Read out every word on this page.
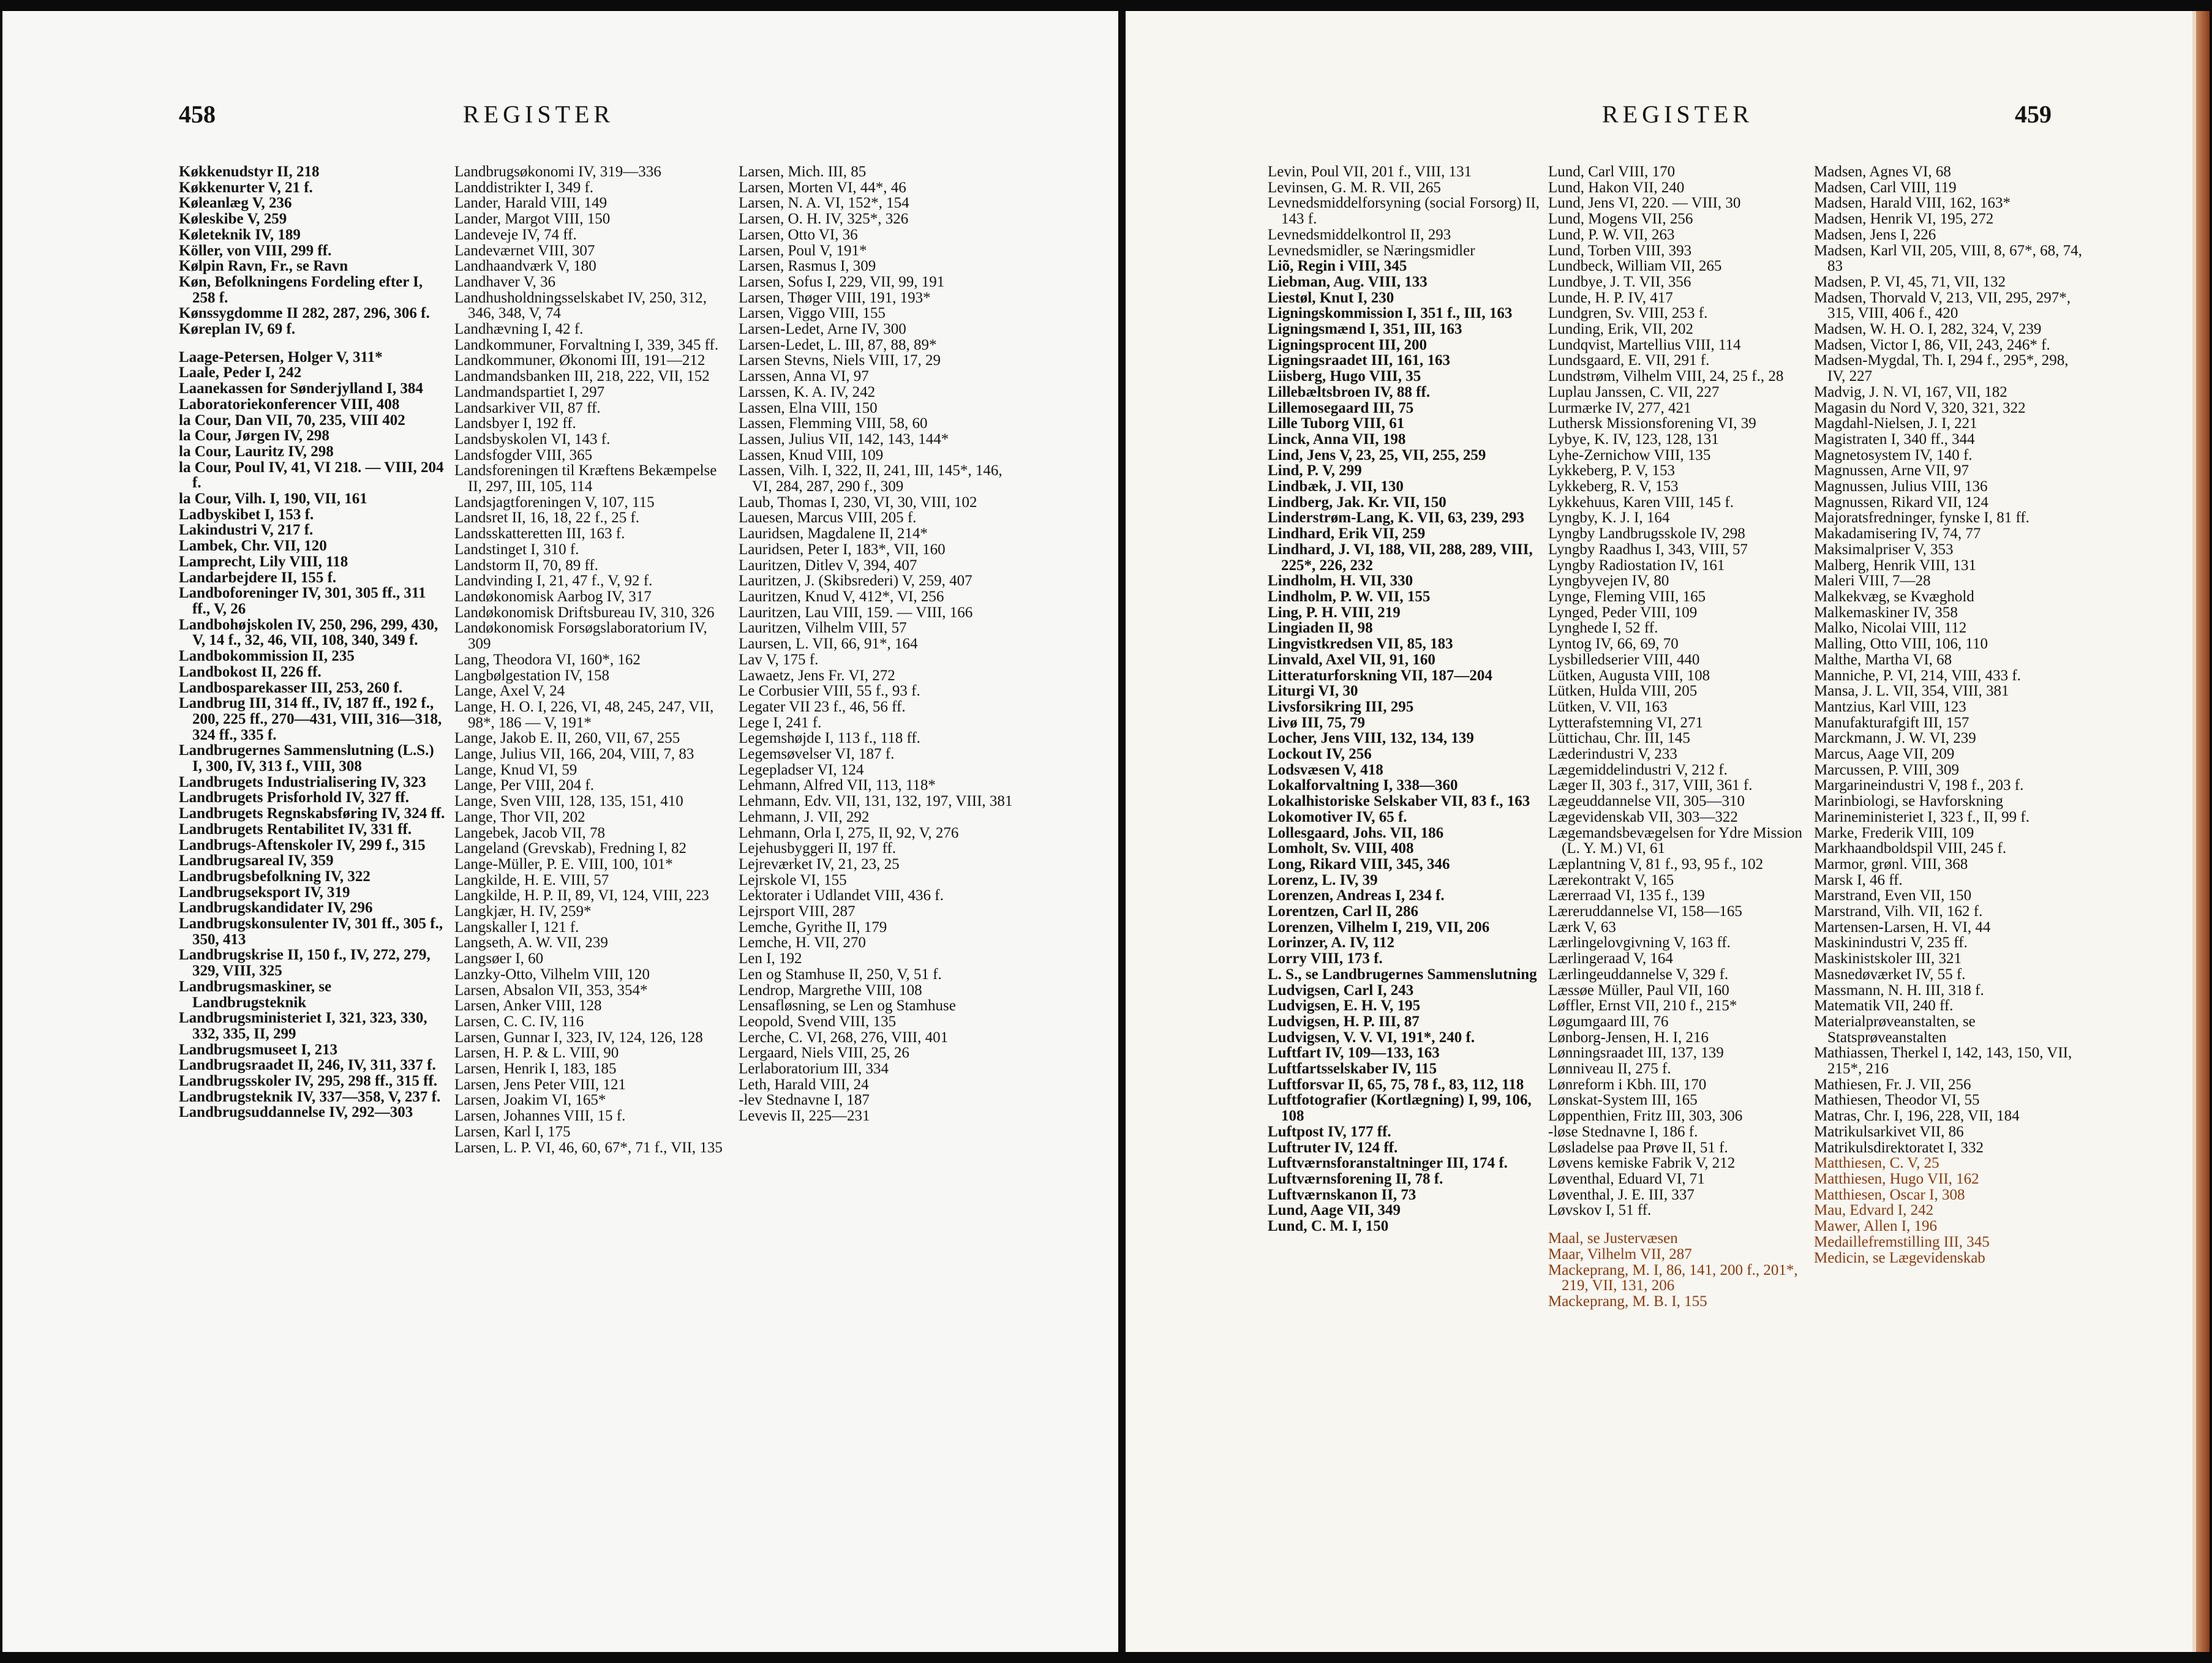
458	REGISTER
Køkkenudstyr II, 218
Køkkenurter V, 21 f.
Køleanlæg V, 236
Køleskibe V, 259
Køleteknik IV, 189
Köller, von VIII, 299 ff.
Kølpin Ravn, Fr., se Ravn
Køn, Befolkningens Fordeling efter I, 258 f.
Kønssygdomme II 282, 287, 296, 306 f.
Køreplan IV, 69 f.
Laage-Petersen, Holger V, 311*
Laale, Peder I, 242
Laanekassen for Sønderjylland I, 384
Laboratoriekonferencer VIII, 408
la Cour, Dan VII, 70, 235, VIII 402
la Cour, Jørgen IV, 298
la Cour, Lauritz IV, 298
la Cour, Poul IV, 41, VI 218. — VIII, 204 f.
la Cour, Vilh. I, 190, VII, 161
Ladbyskibet I, 153 f.
Lakindustri V, 217 f.
Lambek, Chr. VII, 120
Lamprecht, Lily VIII, 118
Landarbejdere II, 155 f.
Landboforeninger IV, 301, 305 ff., 311 ff., V, 26
Landbohøjskolen IV, 250, 296, 299, 430, V, 14 f., 32, 46, VII, 108, 340, 349 f.
Landbokommission II, 235
Landbokost II, 226 ff.
Landbosparekasser III, 253, 260 f.
Landbrug III, 314 ff., IV, 187 ff., 192 f., 200, 225 ff., 270—431, VIII, 316—318, 324 ff., 335 f.
Landbrugernes Sammenslutning (L.S.) I, 300, IV, 313 f., VIII, 308
Landbrugets Industrialisering IV, 323
Landbrugets Prisforhold IV, 327 ff.
Landbrugets Regnskabsføring IV, 324 ff.
Landbrugets Rentabilitet IV, 331 ff.
Landbrugs-Aftenskoler IV, 299 f., 315
Landbrugsareal IV, 359
Landbrugsbefolkning IV, 322
Landbrugseksport IV, 319
Landbrugskandidater IV, 296
Landbrugskonsulenter IV, 301 ff., 305 f., 350, 413
Landbrugskrise II, 150 f., IV, 272, 279, 329, VIII, 325
Landbrugsmaskiner, se Landbrugsteknik
Landbrugsministeriet I, 321, 323, 330, 332, 335, II, 299
Landbrugsmuseet I, 213
Landbrugsraadet II, 246, IV, 311, 337 f.
Landbrugsskoler IV, 295, 298 ff., 315 ff.
Landbrugsteknik IV, 337—358, V, 237 f.
Landbrugsuddannelse IV, 292—303
Landbrugsøkonomi IV, 319—336
Landdistrikter I, 349 f.
Lander, Harald VIII, 149
Lander, Margot VIII, 150
Landeveje IV, 74 ff.
Landeværnet VIII, 307
Landhaandværk V, 180
Landhaver V, 36
Landhusholdningsselskabet IV, 250, 312, 346, 348, V, 74
Landhævning I, 42 f.
Landkommuner, Forvaltning I, 339, 345 ff.
Landkommuner, Økonomi III, 191—212
Landmandsbanken III, 218, 222, VII, 152
Landmandspartiet I, 297
Landsarkiver VII, 87 ff.
Landsbyer I, 192 ff.
Landsbyskolen VI, 143 f.
Landsfogder VIII, 365
Landsforeningen til Kræftens Bekæmpelse II, 297, III, 105, 114
Landsjagtforeningen V, 107, 115
Landsret II, 16, 18, 22 f., 25 f.
Landsskatteretten III, 163 f.
Landstinget I, 310 f.
Landstorm II, 70, 89 ff.
Landvinding I, 21, 47 f., V, 92 f.
Landøkonomisk Aarbog IV, 317
Landøkonomisk Driftsbureau IV, 310, 326
Landøkonomisk Forsøgslaboratorium IV, 309
Lang, Theodora VI, 160*, 162
Langbølgestation IV, 158
Lange, Axel V, 24
Lange, H. O. I, 226, VI, 48, 245, 247, VII, 98*, 186 — V, 191*
Lange, Jakob E. II, 260, VII, 67, 255
Lange, Julius VII, 166, 204, VIII, 7, 83
Lange, Knud VI, 59
Lange, Per VIII, 204 f.
Lange, Sven VIII, 128, 135, 151, 410
Lange, Thor VII, 202
Langebek, Jacob VII, 78
Langeland (Grevskab), Fredning I, 82
Lange-Müller, P. E. VIII, 100, 101*
Langkilde, H. E. VIII, 57
Langkilde, H. P. II, 89, VI, 124, VIII, 223
Langkjær, H. IV, 259*
Langskaller I, 121 f.
Langseth, A. W. VII, 239
Langsøer I, 60
Lanzky-Otto, Vilhelm VIII, 120
Larsen, Absalon VII, 353, 354*
Larsen, Anker VIII, 128
Larsen, C. C. IV, 116
Larsen, Gunnar I, 323, IV, 124, 126, 128
Larsen, H. P. & L. VIII, 90
Larsen, Henrik I, 183, 185
Larsen, Jens Peter VIII, 121
Larsen, Joakim VI, 165*
Larsen, Johannes VIII, 15 f.
Larsen, Karl I, 175
Larsen, L. P. VI, 46, 60, 67*, 71 f., VII, 135
Larsen, Mich. III, 85
Larsen, Morten VI, 44*, 46
Larsen, N. A. VI, 152*, 154
Larsen, O. H. IV, 325*, 326
Larsen, Otto VI, 36
Larsen, Poul V, 191*
Larsen, Rasmus I, 309
Larsen, Sofus I, 229, VII, 99, 191
Larsen, Thøger VIII, 191, 193*
Larsen, Viggo VIII, 155
Larsen-Ledet, Arne IV, 300
Larsen-Ledet, L. III, 87, 88, 89*
Larsen Stevns, Niels VIII, 17, 29
Larssen, Anna VI, 97
Larssen, K. A. IV, 242
Lassen, Elna VIII, 150
Lassen, Flemming VIII, 58, 60
Lassen, Julius VII, 142, 143, 144*
Lassen, Knud VIII, 109
Lassen, Vilh. I, 322, II, 241, III, 145*, 146, VI, 284, 287, 290 f., 309
Laub, Thomas I, 230, VI, 30, VIII, 102
Lauesen, Marcus VIII, 205 f.
Lauridsen, Magdalene II, 214*
Lauridsen, Peter I, 183*, VII, 160
Lauritzen, Ditlev V, 394, 407
Lauritzen, J. (Skibsrederi) V, 259, 407
Lauritzen, Knud V, 412*, VI, 256
Lauritzen, Lau VIII, 159. — VIII, 166
Lauritzen, Vilhelm VIII, 57
Laursen, L. VII, 66, 91*, 164
Lav V, 175 f.
Lawaetz, Jens Fr. VI, 272
Le Corbusier VIII, 55 f., 93 f.
Legater VII 23 f., 46, 56 ff.
Lege I, 241 f.
Legemshøjde I, 113 f., 118 ff.
Legemsøvelser VI, 187 f.
Legepladser VI, 124
Lehmann, Alfred VII, 113, 118*
Lehmann, Edv. VII, 131, 132, 197, VIII, 381
Lehmann, J. VII, 292
Lehmann, Orla I, 275, II, 92, V, 276
Lejehusbyggeri II, 197 ff.
Lejreværket IV, 21, 23, 25
Lejrskole VI, 155
Lektorater i Udlandet VIII, 436 f.
Lejrsport VIII, 287
Lemche, Gyrithe II, 179
Lemche, H. VII, 270
Len I, 192
Len og Stamhuse II, 250, V, 51 f.
Lendrop, Margrethe VIII, 108
Lensafløsning, se Len og Stamhuse
Leopold, Svend VIII, 135
Lerche, C. VI, 268, 276, VIII, 401
Lergaard, Niels VIII, 25, 26
Lerlaboratorium III, 334
Leth, Harald VIII, 24
-lev Stednavne I, 187
Levevis II, 225—231
REGISTER	459
Levin, Poul VII, 201 f., VIII, 131
Levinsen, G. M. R. VII, 265
Levnedsmiddelforsyning (social Forsorg) II, 143 f.
Levnedsmiddelkontrol II, 293
Levnedsmidler, se Næringsmidler
Liõ, Regin i VIII, 345
Liebman, Aug. VIII, 133
Liestøl, Knut I, 230
Ligningskommission I, 351 f., III, 163
Ligningsmænd I, 351, III, 163
Ligningsprocent III, 200
Ligningsraadet III, 161, 163
Liisberg, Hugo VIII, 35
Lillebæltsbroen IV, 88 ff.
Lillemosegaard III, 75
Lille Tuborg VIII, 61
Linck, Anna VII, 198
Lind, Jens V, 23, 25, VII, 255, 259
Lind, P. V, 299
Lindbæk, J. VII, 130
Lindberg, Jak. Kr. VII, 150
Linderstrøm-Lang, K. VII, 63, 239, 293
Lindhard, Erik VII, 259
Lindhard, J. VI, 188, VII, 288, 289, VIII, 225*, 226, 232
Lindholm, H. VII, 330
Lindholm, P. W. VII, 155
Ling, P. H. VIII, 219
Lingiaden II, 98
Lingvistkredsen VII, 85, 183
Linvald, Axel VII, 91, 160
Litteraturforskning VII, 187—204
Liturgi VI, 30
Livsforsikring III, 295
Livø III, 75, 79
Locher, Jens VIII, 132, 134, 139
Lockout IV, 256
Lodsvæsen V, 418
Lokalforvaltning I, 338—360
Lokalhistoriske Selskaber VII, 83 f., 163
Lokomotiver IV, 65 f.
Lollesgaard, Johs. VII, 186
Lomholt, Sv. VIII, 408
Long, Rikard VIII, 345, 346
Lorenz, L. IV, 39
Lorenzen, Andreas I, 234 f.
Lorentzen, Carl II, 286
Lorenzen, Vilhelm I, 219, VII, 206
Lorinzer, A. IV, 112
Lorry VIII, 173 f.
L. S., se Landbrugernes Sammenslutning
Ludvigsen, Carl I, 243
Ludvigsen, E. H. V, 195
Ludvigsen, H. P. III, 87
Ludvigsen, V. V. VI, 191*, 240 f.
Luftfart IV, 109—133, 163
Luftfartsselskaber IV, 115
Luftforsvar II, 65, 75, 78 f., 83, 112, 118
Luftfotografier (Kortlægning) I, 99, 106, 108
Luftpost IV, 177 ff.
Luftruter IV, 124 ff.
Luftværnsforanstaltninger III, 174 f.
Luftværnsforening II, 78 f.
Luftværnskanon II, 73
Lund, Aage VII, 349
Lund, C. M. I, 150
Lund, Carl VIII, 170
Lund, Hakon VII, 240
Lund, Jens VI, 220. — VIII, 30
Lund, Mogens VII, 256
Lund, P. W. VII, 263
Lund, Torben VIII, 393
Lundbeck, William VII, 265
Lundbye, J. T. VII, 356
Lunde, H. P. IV, 417
Lundgren, Sv. VIII, 253 f.
Lunding, Erik, VII, 202
Lundqvist, Martellius VIII, 114
Lundsgaard, E. VII, 291 f.
Lundstrøm, Vilhelm VIII, 24, 25 f., 28
Luplau Janssen, C. VII, 227
Lurmærke IV, 277, 421
Luthersk Missionsforening VI, 39
Lybye, K. IV, 123, 128, 131
Lyhe-Zernichow VIII, 135
Lykkeberg, P. V, 153
Lykkeberg, R. V, 153
Lykkehuus, Karen VIII, 145 f.
Lyngby, K. J. I, 164
Lyngby Landbrugsskole IV, 298
Lyngby Raadhus I, 343, VIII, 57
Lyngby Radiostation IV, 161
Lyngbyvejen IV, 80
Lynge, Fleming VIII, 165
Lynged, Peder VIII, 109
Lynghede I, 52 ff.
Lyntog IV, 66, 69, 70
Lysbilledserier VIII, 440
Lütken, Augusta VIII, 108
Lütken, Hulda VIII, 205
Lütken, V. VII, 163
Lytterafstemning VI, 271
Lüttichau, Chr. III, 145
Læderindustri V, 233
Lægemiddelindustri V, 212 f.
Læger II, 303 f., 317, VIII, 361 f.
Lægeuddannelse VII, 305—310
Lægevidenskab VII, 303—322
Lægemandsbevægelsen for Ydre Mission (L. Y. M.) VI, 61
Læplantning V, 81 f., 93, 95 f., 102
Lærekontrakt V, 165
Lærerraad VI, 135 f., 139
Læreruddannelse VI, 158—165
Lærk V, 63
Lærlingelovgivning V, 163 ff.
Lærlingeraad V, 164
Lærlingeuddannelse V, 329 f.
Læssøe Müller, Paul VII, 160
Løffler, Ernst VII, 210 f., 215*
Løgumgaard III, 76
Lønborg-Jensen, H. I, 216
Lønningsraadet III, 137, 139
Lønniveau II, 275 f.
Lønreform i Kbh. III, 170
Lønskat-System III, 165
Løppenthien, Fritz III, 303, 306
-løse Stednavne I, 186 f.
Løsladelse paa Prøve II, 51 f.
Løvens kemiske Fabrik V, 212
Løventhal, Eduard VI, 71
Løventhal, J. E. III, 337
Løvskov I, 51 ff.
Maal, se Justervæsen
Maar, Vilhelm VII, 287
Mackeprang, M. I, 86, 141, 200 f., 201*, 219, VII, 131, 206
Mackeprang, M. B. I, 155
Madsen, Agnes VI, 68
Madsen, Carl VIII, 119
Madsen, Harald VIII, 162, 163*
Madsen, Henrik VI, 195, 272
Madsen, Jens I, 226
Madsen, Karl VII, 205, VIII, 8, 67*, 68, 74, 83
Madsen, P. VI, 45, 71, VII, 132
Madsen, Thorvald V, 213, VII, 295, 297*, 315, VIII, 406 f., 420
Madsen, W. H. O. I, 282, 324, V, 239
Madsen, Victor I, 86, VII, 243, 246* f.
Madsen-Mygdal, Th. I, 294 f., 295*, 298, IV, 227
Madvig, J. N. VI, 167, VII, 182
Magasin du Nord V, 320, 321, 322
Magdahl-Nielsen, J. I, 221
Magistraten I, 340 ff., 344
Magnetosystem IV, 140 f.
Magnussen, Arne VII, 97
Magnussen, Julius VIII, 136
Magnussen, Rikard VII, 124
Majoratsfredninger, fynske I, 81 ff.
Makadamisering IV, 74, 77
Maksimalpriser V, 353
Malberg, Henrik VIII, 131
Maleri VIII, 7—28
Malkekvæg, se Kvæghold
Malkemaskiner IV, 358
Malko, Nicolai VIII, 112
Malling, Otto VIII, 106, 110
Malthe, Martha VI, 68
Manniche, P. VI, 214, VIII, 433 f.
Mansa, J. L. VII, 354, VIII, 381
Mantzius, Karl VIII, 123
Manufakturafgift III, 157
Marckmann, J. W. VI, 239
Marcus, Aage VII, 209
Marcussen, P. VIII, 309
Margarineindustri V, 198 f., 203 f.
Marinbiologi, se Havforskning
Marineministeriet I, 323 f., II, 99 f.
Marke, Frederik VIII, 109
Markhaandboldspil VIII, 245 f.
Marmor, grønl. VIII, 368
Marsk I, 46 ff.
Marstrand, Even VII, 150
Marstrand, Vilh. VII, 162 f.
Martensen-Larsen, H. VI, 44
Maskinindustri V, 235 ff.
Maskinistskoler III, 321
Masnedøværket IV, 55 f.
Massmann, N. H. III, 318 f.
Matematik VII, 240 ff.
Materialprøveanstalten, se Statsprøveanstalten
Mathiassen, Therkel I, 142, 143, 150, VII, 215*, 216
Mathiesen, Fr. J. VII, 256
Mathiesen, Theodor VI, 55
Matras, Chr. I, 196, 228, VII, 184
Matrikulsarkivet VII, 86
Matrikulsdirektoratet I, 332
Matthiesen, C. V, 25
Matthiesen, Hugo VII, 162
Matthiesen, Oscar I, 308
Mau, Edvard I, 242
Mawer, Allen I, 196
Medaillefremstilling III, 345
Medicin, se Lægevidenskab
